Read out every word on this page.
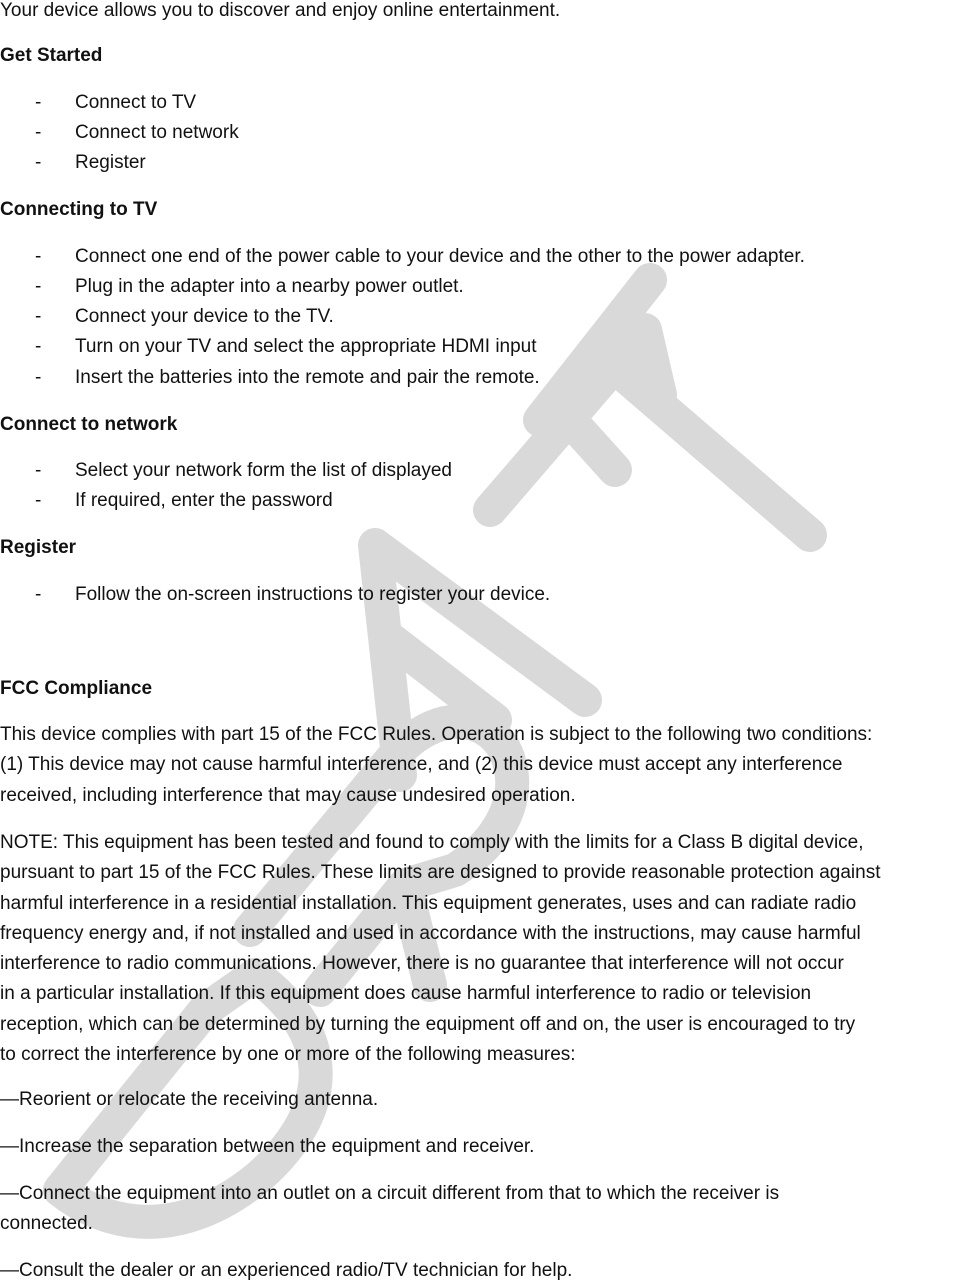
Your device allows you to discover and enjoy online entertainment.
Get Started
- Connect to TV
- Connect to network
- Register
Connecting to TV
- Connect one end of the power cable to your device and the other to the power adapter.
- Plug in the adapter into a nearby power outlet.
- Connect your device to the TV.
- Turn on your TV and select the appropriate HDMI input
- Insert the batteries into the remote and pair the remote.
Connect to network
- Select your network form the list of displayed
- If required, enter the password
Register
- Follow the on-screen instructions to register your device.
FCC Compliance
This device complies with part 15 of the FCC Rules. Operation is subject to the following two conditions:
(1) This device may not cause harmful interference, and (2) this device must accept any interference
received, including interference that may cause undesired operation.
NOTE: This equipment has been tested and found to comply with the limits for a Class B digital device,
pursuant to part 15 of the FCC Rules. These limits are designed to provide reasonable protection against
harmful interference in a residential installation. This equipment generates, uses and can radiate radio
frequency energy and, if not installed and used in accordance with the instructions, may cause harmful
interference to radio communications. However, there is no guarantee that interference will not occur
in a particular installation. If this equipment does cause harmful interference to radio or television
reception, which can be determined by turning the equipment off and on, the user is encouraged to try
to correct the interference by one or more of the following measures:
—Reorient or relocate the receiving antenna.
—Increase the separation between the equipment and receiver.
—Connect the equipment into an outlet on a circuit different from that to which the receiver is
connected.
—Consult the dealer or an experienced radio/TV technician for help.
